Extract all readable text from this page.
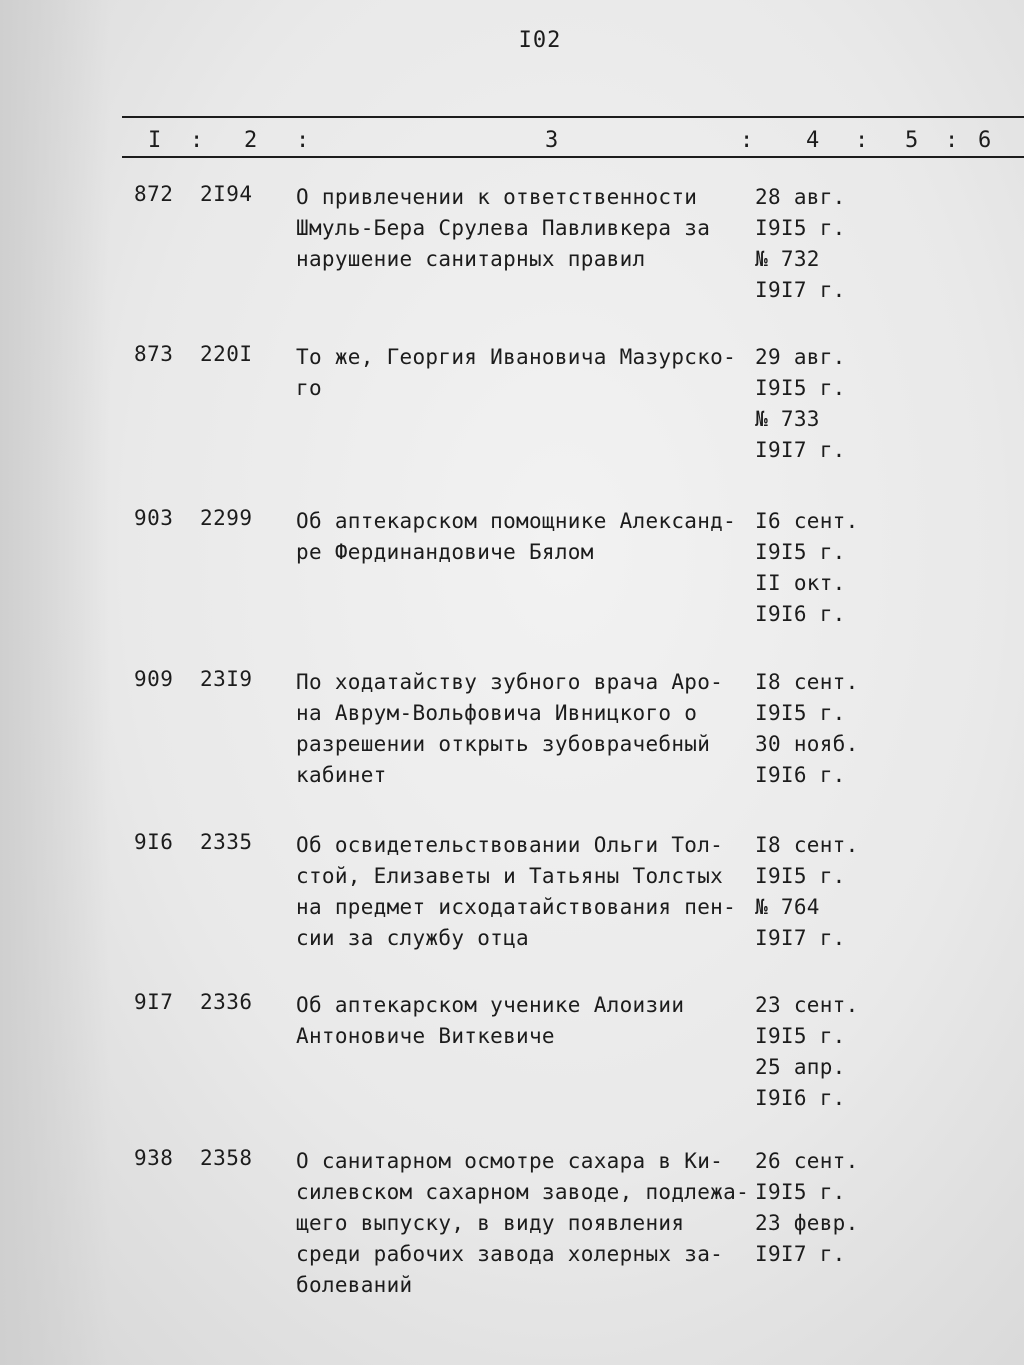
I02
I : 2 :	3	: 4 : 5 : 6
872 2I94 О привлечении к ответственности
Шмуль-Бера Срулева Павливкера за
нарушение санитарных правил
28 авг.
I9I5 г.
№ 732
I9I7 г.
873 220I То же, Георгия Ивановича Мазурско-
го
29 авг.
I9I5 г.
№ 733
I9I7 г.
903 2299 Об аптекарском помощнике Александ-
ре Фердинандовиче Бялом
I6 сент.
I9I5 г.
II окт.
I9I6 г.
909 23I9 По ходатайству зубного врача Аро-
на Аврум-Вольфовича Ивницкого о
разрешении открыть зубоврачебный
кабинет
I8 сент.
I9I5 г.
30 нояб.
I9I6 г.
9I6 2335 Об освидетельствовании Ольги Тол-
стой, Елизаветы и Татьяны Толстых
на предмет исходатайствования пен-
сии за службу отца
I8 сент.
I9I5 г.
№ 764
I9I7 г.
9I7 2336 Об аптекарском ученике Алоизии
Антоновиче Виткевиче
23 сент.
I9I5 г.
25 апр.
I9I6 г.
938 2358 О санитарном осмотре сахара в Ки-
силевском сахарном заводе, подлежа-
щего выпуску, в виду появления
среди рабочих завода холерных за-
болеваний
26 сент.
I9I5 г.
23 февр.
I9I7 г.
